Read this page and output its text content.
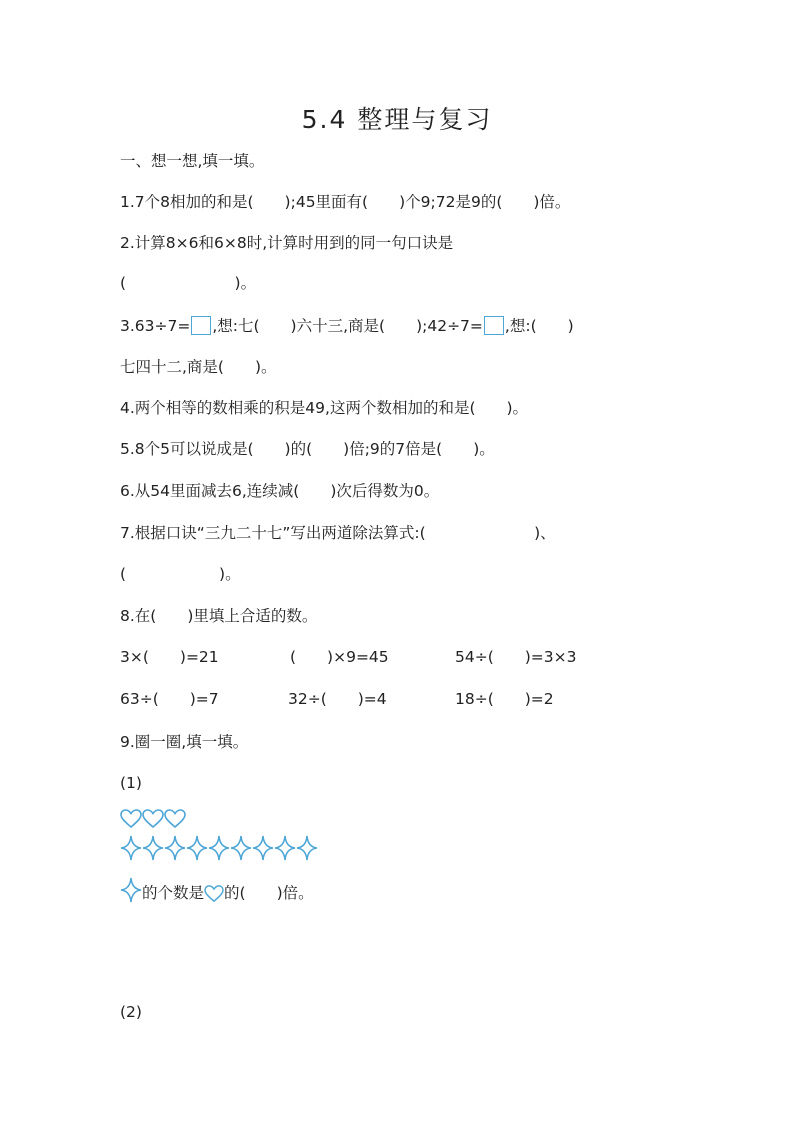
5.4 整理与复习
一、想一想,填一填。
1.7个8相加的和是(　　);45里面有(　　)个9;72是9的(　　)倍。
2.计算8×6和6×8时,计算时用到的同一句口诀是
(　　　　　　　)。
3.63÷7= ,想:七(　　)六十三,商是(　　);42÷7= ,想:(　　)
七四十二,商是(　　)。
4.两个相等的数相乘的积是49,这两个数相加的和是(　　)。
5.8个5可以说成是(　　)的(　　)倍;9的7倍是(　　)。
6.从54里面减去6,连续减(　　)次后得数为0。
7.根据口诀“三九二十七”写出两道除法算式:(　　　　　　　)、
(　　　　　　)。
8.在(　　)里填上合适的数。
3×(　　)=21	(　　)×9=45	54÷(　　)=3×3
63÷(　　)=7	32÷(　　)=4	18÷(　　)=2
9.圈一圈,填一填。
(1)
的个数是 的(　　)倍。
(2)
